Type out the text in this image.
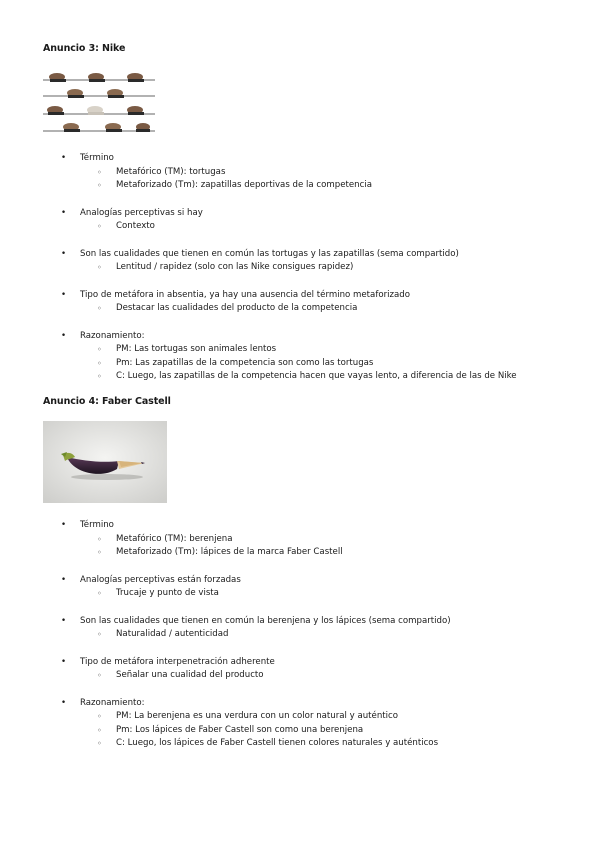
Anuncio 3: Nike
• Término
◦ Metafórico (TM): tortugas
◦ Metaforizado (Tm): zapatillas deportivas de la competencia
• Analogías perceptivas si hay
◦ Contexto
• Son las cualidades que tienen en común las tortugas y las zapatillas (sema compartido)
◦ Lentitud / rapidez (solo con las Nike consigues rapidez)
• Tipo de metáfora in absentia, ya hay una ausencia del término metaforizado
◦ Destacar las cualidades del producto de la competencia
• Razonamiento:
◦ PM: Las tortugas son animales lentos
◦ Pm: Las zapatillas de la competencia son como las tortugas
◦ C: Luego, las zapatillas de la competencia hacen que vayas lento, a diferencia de las de Nike
Anuncio 4: Faber Castell
• Término
◦ Metafórico (TM): berenjena
◦ Metaforizado (Tm): lápices de la marca Faber Castell
• Analogías perceptivas están forzadas
◦ Trucaje y punto de vista
• Son las cualidades que tienen en común la berenjena y los lápices (sema compartido)
◦ Naturalidad / autenticidad
• Tipo de metáfora interpenetración adherente
◦ Señalar una cualidad del producto
• Razonamiento:
◦ PM: La berenjena es una verdura con un color natural y auténtico
◦ Pm: Los lápices de Faber Castell son como una berenjena
◦ C: Luego, los lápices de Faber Castell tienen colores naturales y auténticos
